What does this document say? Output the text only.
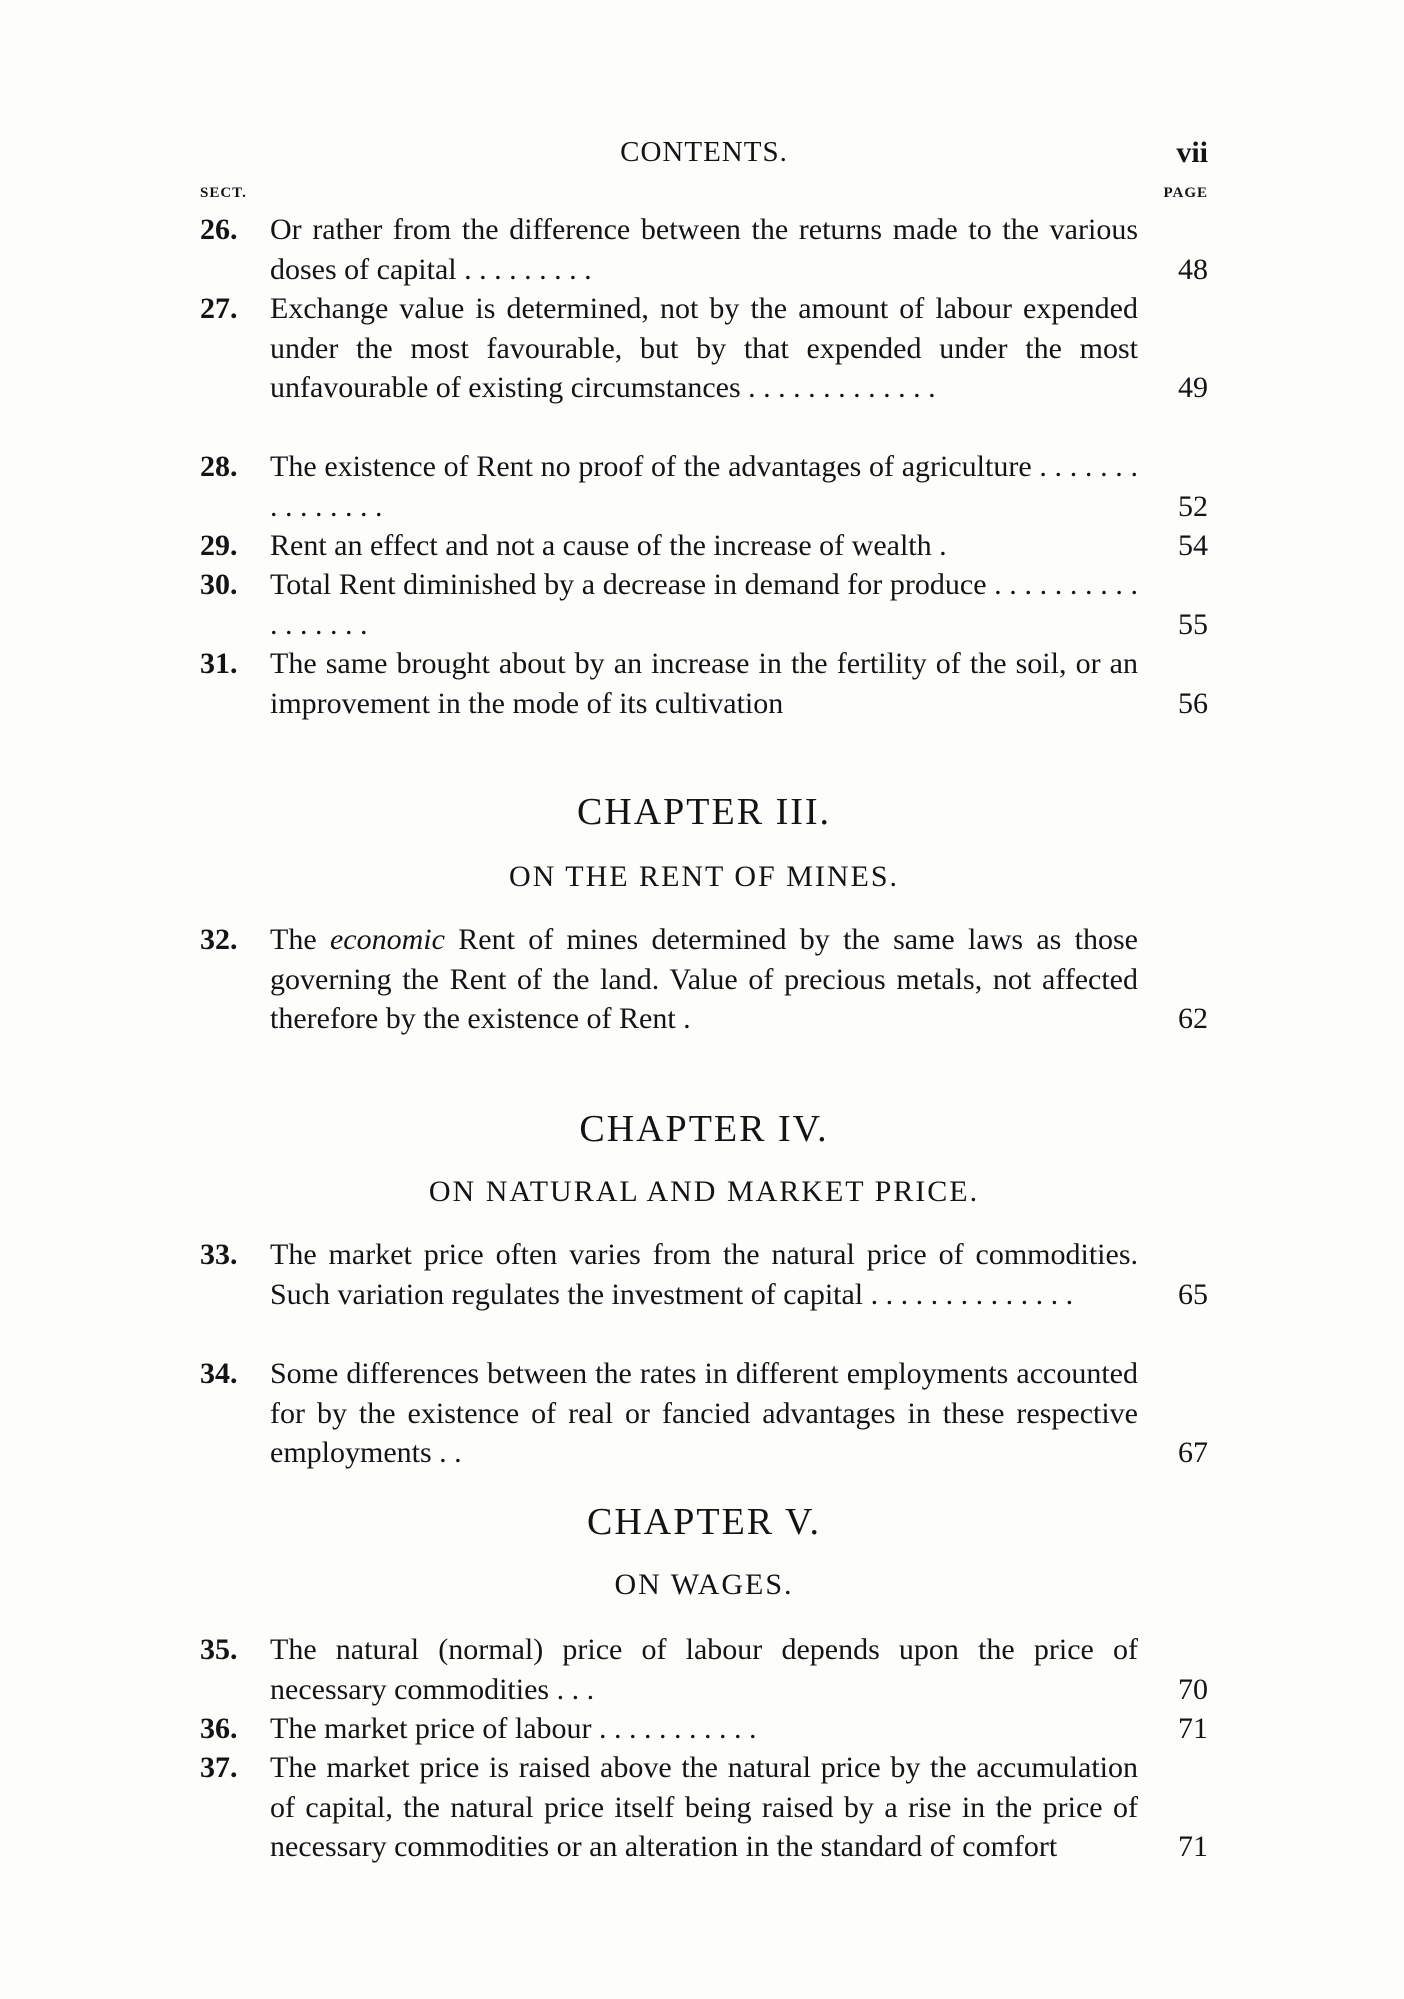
CONTENTS.	vii
SECT.	PAGE
26.	Or rather from the difference between the returns made to the various doses of capital . . . . . . . . .	48
27.	Exchange value is determined, not by the amount of labour expended under the most favourable, but by that expended under the most unfavourable of existing circumstances . . . . . . . . . . . . .	49
28.	The existence of Rent no proof of the advantages of agriculture . . . . . . . . . . . . . . .	52
29.	Rent an effect and not a cause of the increase of wealth .	54
30.	Total Rent diminished by a decrease in demand for produce . . . . . . . . . . . . . . . . .	55
31.	The same brought about by an increase in the fertility of the soil, or an improvement in the mode of its cultivation	56
CHAPTER III.
ON THE RENT OF MINES.
32.	The economic Rent of mines determined by the same laws as those governing the Rent of the land. Value of precious metals, not affected therefore by the existence of Rent .	62
CHAPTER IV.
ON NATURAL AND MARKET PRICE.
33.	The market price often varies from the natural price of commodities. Such variation regulates the investment of capital . . . . . . . . . . . . . .	65
34.	Some differences between the rates in different employments accounted for by the existence of real or fancied advantages in these respective employments . .	67
CHAPTER V.
ON WAGES.
35.	The natural (normal) price of labour depends upon the price of necessary commodities . . .	70
36.	The market price of labour . . . . . . . . . . .	71
37.	The market price is raised above the natural price by the accumulation of capital, the natural price itself being raised by a rise in the price of necessary commodities or an alteration in the standard of comfort	71
